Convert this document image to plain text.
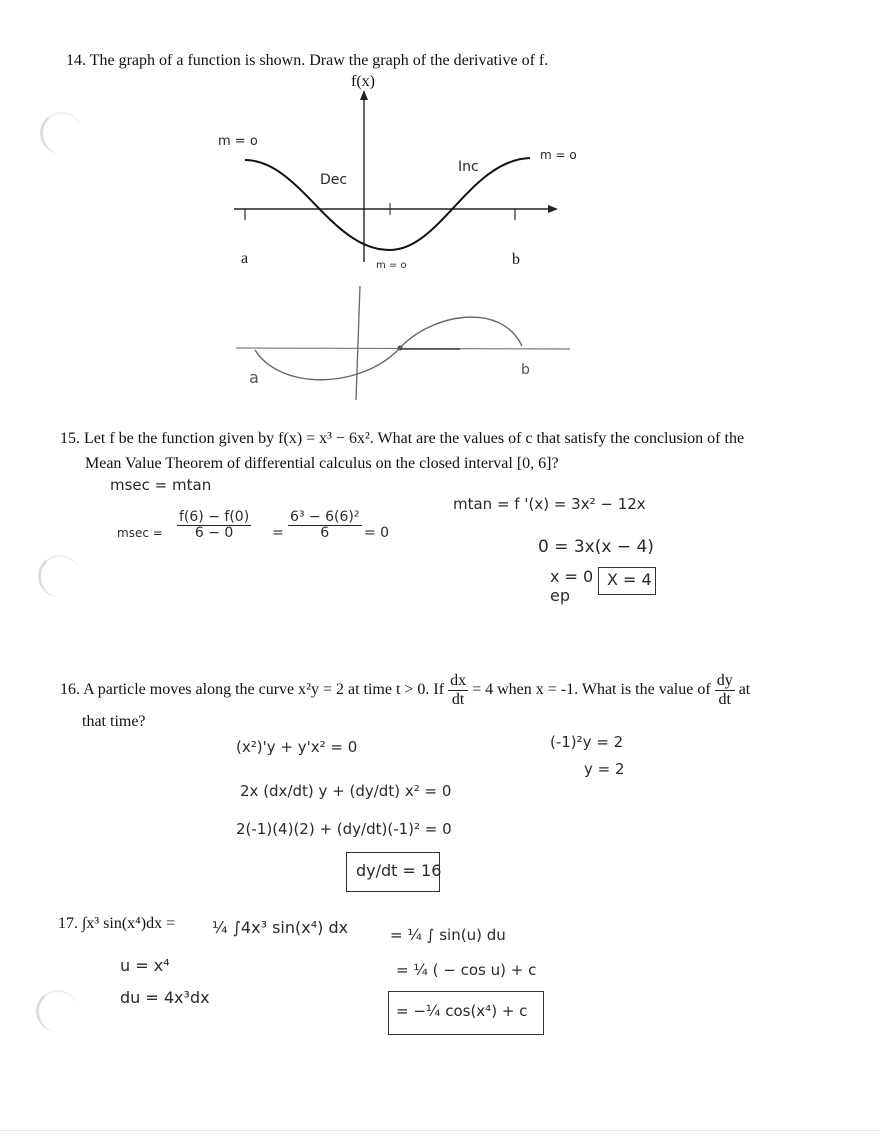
14. The graph of a function is shown. Draw the graph of the derivative of f.
f(x)
m = o
Dec
Inc
m = o
m = o
a	b
a	b
15. Let f be the function given by f(x) = x³ − 6x². What are the values of c that satisfy the conclusion of the
Mean Value Theorem of differential calculus on the closed interval [0, 6]?
msec = mtan
$msec = \frac{f(6) - f(0)}{6 - 0} = \frac{\text{6³ − 6(6)²}}{6} = 0$
mtan = f '(x) = 3x² − 12x
0 = 3x(x − 4)
x = 0
ep
X = 4
16. A particle moves along the curve x²y = 2 at time t > 0. If $\frac{dx}{dt} = 4$ when x = -1. What is the value of $\frac{dy}{dt}$ at
that time?
(x²)'y + y'x² = 0
2x (dx/dt) y + (dy/dt) x² = 0
2(-1)(4)(2) + (dy/dt)(-1)² = 0
dy/dt = 16
(-1)²y = 2
y = 2
17. ∫x³ sin(x⁴)dx = ¼ ∫4x³ sin(x⁴) dx	= ¼ ∫ sin(u) du
= ¼ ( − cos u) + c
= −¼ cos(x⁴) + c
u = x⁴
du = 4x³dx
